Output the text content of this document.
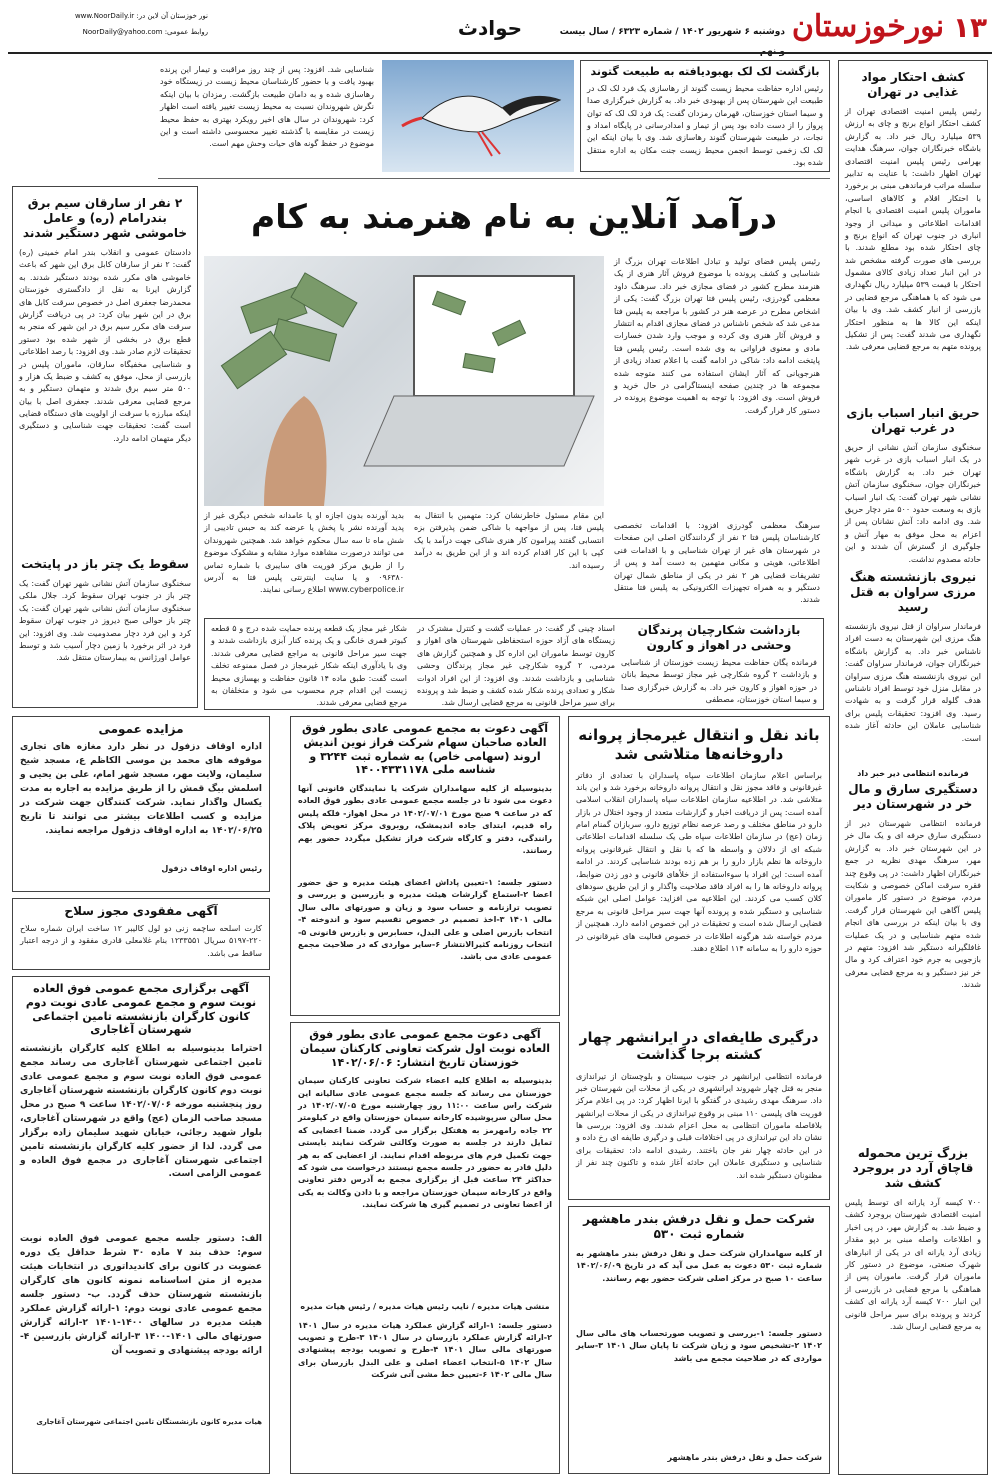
۱۳
نورخوزستان
دوشنبه ۶ شهریور ۱۴۰۲ / شماره ۶۳۲۳ / سال بیست
حوادث
نور خوزستان آن لاین در: www.NoorDaily.ir
روابط عمومی: NoorDaily@yahoo.com
کشف احتکار مواد غذایی در تهران
رئیس پلیس امنیت اقتصادی تهران از کشف احتکار انواع برنج و چای به ارزش ۵۳۹ میلیارد ریال خبر داد. به گزارش باشگاه خبرنگاران جوان، سرهنگ هدایت بهرامی رئیس پلیس امنیت اقتصادی تهران اظهار داشت: با عنایت به تدابیر سلسله مراتب فرماندهی مبنی بر برخورد با احتکار اقلام و کالاهای اساسی، ماموران پلیس امنیت اقتصادی با انجام اقدامات اطلاعاتی و میدانی از وجود انباری در جنوب تهران که انواع برنج و چای احتکار شده بود مطلع شدند. با بررسی های صورت گرفته مشخص شد در این انبار تعداد زیادی کالای مشمول احتکار با قیمت ۵۳۹ میلیارد ریال نگهداری می شود که با هماهنگی مرجع قضایی در بازرسی از انبار کشف شد. وی با بیان اینکه این کالا ها به منظور احتکار نگهداری می شدند گفت: پس از تشکیل پرونده متهم به مرجع قضایی معرفی شد.
حریق انبار اسباب بازی در غرب تهران
سخنگوی سازمان آتش نشانی از حریق در یک انبار اسباب بازی در غرب شهر تهران خبر داد. به گزارش باشگاه خبرنگاران جوان، سخنگوی سازمان آتش نشانی شهر تهران گفت: یک انبار اسباب بازی به وسعت حدود ۵۰۰ متر دچار حریق شد. وی ادامه داد: آتش نشانان پس از اعزام به محل موفق به مهار آتش و جلوگیری از گسترش آن شدند و این حادثه مصدوم نداشت.
نیروی بازنشسته هنگ مرزی سراوان به قتل رسید
فرماندار سراوان از قتل نیروی بازنشسته هنگ مرزی این شهرستان به دست افراد ناشناس خبر داد. به گزارش باشگاه خبرنگاران جوان، فرماندار سراوان گفت: این نیروی بازنشسته هنگ مرزی سراوان در مقابل منزل خود توسط افراد ناشناس هدف گلوله قرار گرفت و به شهادت رسید. وی افزود: تحقیقات پلیس برای شناسایی عاملان این حادثه آغاز شده است.
فرمانده انتظامی دیر خبر داد
دستگیری سارق و مال خر در شهرستان دیر
فرمانده انتظامی شهرستان دیر از دستگیری سارق حرفه ای و یک مال خر در این شهرستان خبر داد. به گزارش مهر، سرهنگ مهدی نظریه در جمع خبرنگاران اظهار داشت: در پی وقوع چند فقره سرقت اماکن خصوصی و شکایت مردم، موضوع در دستور کار ماموران پلیس آگاهی این شهرستان قرار گرفت. وی با بیان اینکه در بررسی های انجام شده متهم شناسایی و در یک عملیات غافلگیرانه دستگیر شد افزود: متهم در بازجویی به جرم خود اعتراف کرد و مال خر نیز دستگیر و به مرجع قضایی معرفی شدند.
بزرگ ترین محموله قاچاق آرد در بروجرد کشف شد
۷۰۰ کیسه آرد یارانه ای توسط پلیس امنیت اقتصادی شهرستان بروجرد کشف و ضبط شد. به گزارش مهر، در پی اخبار و اطلاعات واصله مبنی بر دپو مقدار زیادی آرد یارانه ای در یکی از انبارهای شهرک صنعتی، موضوع در دستور کار ماموران قرار گرفت. ماموران پس از هماهنگی با مرجع قضایی در بازرسی از این انبار ۷۰۰ کیسه آرد یارانه ای کشف کردند و پرونده برای سیر مراحل قانونی به مرجع قضایی ارسال شد.
بازگشت لک لک بهبودیافته به طبیعت گتوند
رئیس اداره حفاظت محیط زیست گتوند از رهاسازی یک فرد لک لک در طبیعت این شهرستان پس از بهبودی خبر داد. به گزارش خبرگزاری صدا و سیما استان خوزستان، قهرمان رمزدان گفت: یک فرد لک لک که توان پرواز را از دست داده بود پس از تیمار و امدادرسانی در پایگاه امداد و نجات، در طبیعت شهرستان گتوند رهاسازی شد. وی با بیان اینکه این لک لک زخمی توسط انجمن محیط زیست جنت مکان به اداره منتقل شده بود.
شناسایی شد. افزود: پس از چند روز مراقبت و تیمار این پرنده بهبود یافت و با حضور کارشناسان محیط زیست در زیستگاه خود رهاسازی شده و به دامان طبیعت بازگشت. رمزدان با بیان اینکه نگرش شهروندان نسبت به محیط زیست تغییر یافته است اظهار کرد: شهروندان در سال های اخیر رویکرد بهتری به حفظ محیط زیست در مقایسه با گذشته تغییر محسوسی داشته است و این موضوع در حفظ گونه های حیات وحش مهم است.
۲ نفر از سارقان سیم برق بندرامام (ره) و عامل خاموشی شهر دستگیر شدند
دادستان عمومی و انقلاب بندر امام خمینی (ره) گفت: ۲ نفر از سارقان کابل برق این شهر که باعث خاموشی های مکرر شده بودند دستگیر شدند. به گزارش ایرنا به نقل از دادگستری خوزستان محمدرضا جعفری اصل در خصوص سرقت کابل های برق در این شهر بیان کرد: در پی دریافت گزارش سرقت های مکرر سیم برق در این شهر که منجر به قطع برق در بخشی از شهر شده بود دستور تحقیقات لازم صادر شد. وی افزود: با رصد اطلاعاتی و شناسایی مخفیگاه سارقان، ماموران پلیس در بازرسی از محل، موفق به کشف و ضبط یک هزار و ۵۰۰ متر سیم برق شدند و متهمان دستگیر و به مرجع قضایی معرفی شدند. جعفری اصل با بیان اینکه مبارزه با سرقت از اولویت های دستگاه قضایی است گفت: تحقیقات جهت شناسایی و دستگیری دیگر متهمان ادامه دارد.
سقوط یک چتر باز در پایتخت
سخنگوی سازمان آتش نشانی شهر تهران گفت: یک چتر باز در جنوب تهران سقوط کرد. جلال ملکی سخنگوی سازمان آتش نشانی شهر تهران گفت: یک چتر باز حوالی صبح دیروز در جنوب تهران سقوط کرد و این فرد دچار مصدومیت شد. وی افزود: این فرد در اثر برخورد با زمین دچار آسیب شد و توسط عوامل اورژانس به بیمارستان منتقل شد.
درآمد آنلاین به نام هنرمند به کام
رئیس پلیس فضای تولید و تبادل اطلاعات تهران بزرگ از شناسایی و کشف پرونده با موضوع فروش آثار هنری از یک هنرمند مطرح کشور در فضای مجازی خبر داد. سرهنگ داود معظمی گودرزی، رئیس پلیس فتا تهران بزرگ گفت: یکی از اشخاص مطرح در عرصه هنر در کشور با مراجعه به پلیس فتا مدعی شد که شخص ناشناس در فضای مجازی اقدام به انتشار و فروش آثار هنری وی کرده و موجب وارد شدن خسارات مادی و معنوی فراوانی به وی شده است. رئیس پلیس فتا پایتخت ادامه داد: شاکی در ادامه گفت با اعلام تعداد زیادی از هنرجویانی که آثار ایشان استفاده می کنند متوجه شده مجموعه ها در چندین صفحه اینستاگرامی در حال خرید و فروش است. وی افزود: با توجه به اهمیت موضوع پرونده در دستور کار قرار گرفت.
سرهنگ معظمی گودرزی افزود: با اقدامات تخصصی کارشناسان پلیس فتا ۲ نفر از گردانندگان اصلی این صفحات در شهرستان های غیر از تهران شناسایی و با اقدامات فنی اطلاعاتی، هویتی و مکانی متهمین به دست آمد و پس از تشریفات قضایی هر ۲ نفر در یکی از مناطق شمال تهران دستگیر و به همراه تجهیزات الکترونیکی به پلیس فتا منتقل شدند.
این مقام مسئول خاطرنشان کرد: متهمین با انتقال به پلیس فتا، پس از مواجهه با شاکی ضمن پذیرفتن بزه انتسابی گفتند پیرامون کار هنری شاکی جهت درآمد با یک کپی با این کار اقدام کرده اند و از این طریق به درآمد رسیده اند.
بدید آورنده بدون اجازه او یا عامدانه شخص دیگری غیر از پدید آورنده نشر یا پخش یا عرضه کند به حبس تادیبی از شش ماه تا سه سال محکوم خواهد شد. همچنین شهروندان می توانند درصورت مشاهده موارد مشابه و مشکوک موضوع را از طریق مرکز فوریت های سایبری با شماره تماس ۰۹۶۳۸۰ و یا سایت اینترنتی پلیس فتا به آدرس www.cyberpolice.ir اطلاع رسانی نمایند.
بازداشت شکارچیان پرندگان وحشی در اهواز و کارون
فرمانده یگان حفاظت محیط زیست خوزستان از شناسایی و بازداشت ۲ گروه شکارچی غیر مجاز توسط محیط بانان در حوزه اهواز و کارون خبر داد. به گزارش خبرگزاری صدا و سیما استان خوزستان، مصطفی
اسناد چینی گر گفت: در عملیات گشت و کنترل مشترک در زیستگاه های آزاد حوزه استحفاظی شهرستان های اهواز و کارون توسط ماموران این اداره کل و همچنین گزارش های مردمی، ۲ گروه شکارچی غیر مجاز پرندگان وحشی شناسایی و بازداشت شدند. وی افزود: از این افراد ادوات شکار و تعدادی پرنده شکار شده کشف و ضبط شد و پرونده برای سیر مراحل قانونی به مرجع قضایی ارسال شد.
شکار غیر مجاز یک قطعه پرنده حمایت شده درج و ۵ قطعه کبوتر قمری خانگی و یک پرنده کنار آبزی بازداشت شدند و جهت سیر مراحل قانونی به مراجع قضایی معرفی شدند. وی با یادآوری اینکه شکار غیرمجاز در فصل ممنوعه تخلف است گفت: طبق ماده ۱۴ قانون حفاظت و بهسازی محیط زیست این اقدام جرم محسوب می شود و متخلفان به مرجع قضایی معرفی شدند.
باند نقل و انتقال غیرمجاز پروانه داروخانه‌ها متلاشی شد
براساس اعلام سازمان اطلاعات سپاه پاسداران با تعدادی از دفاتر غیرقانونی و فاقد مجوز نقل و انتقال پروانه داروخانه برخورد شد و این باند متلاشی شد. در اطلاعیه سازمان اطلاعات سپاه پاسداران انقلاب اسلامی آمده است: پس از دریافت اخبار و گزارشات متعدد از وجود اختلال در بازار دارو در مناطق مختلف و رصد عرصه نظام توزیع دارو، سربازان گمنام امام زمان (عج) در سازمان اطلاعات سپاه طی یک سلسله اقدامات اطلاعاتی شبکه ای از دلالان و واسطه ها که با نقل و انتقال غیرقانونی پروانه داروخانه ها نظم بازار دارو را بر هم زده بودند شناسایی کردند. در ادامه آمده است: این افراد با سوءاستفاده از خلأهای قانونی و دور زدن ضوابط، پروانه داروخانه ها را به افراد فاقد صلاحیت واگذار و از این طریق سودهای کلان کسب می کردند. این اطلاعیه می افزاید: عوامل اصلی این شبکه شناسایی و دستگیر شده و پرونده آنها جهت سیر مراحل قانونی به مرجع قضایی ارسال شده است و تحقیقات در این خصوص ادامه دارد. همچنین از مردم خواسته شد هرگونه اطلاعات در خصوص فعالیت های غیرقانونی در حوزه دارو را به سامانه ۱۱۴ اطلاع دهند.
درگیری طایفه‌ای در ایرانشهر چهار کشته برجا گذاشت
فرمانده انتظامی ایرانشهر در جنوب سیستان و بلوچستان از تیراندازی منجر به قتل چهار شهروند ایرانشهری در یکی از محلات این شهرستان خبر داد. سرهنگ مهدی رشیدی در گفتگو با ایرنا اظهار کرد: در پی اعلام مرکز فوریت های پلیسی ۱۱۰ مبنی بر وقوع تیراندازی در یکی از محلات ایرانشهر بلافاصله ماموران انتظامی به محل اعزام شدند. وی افزود: بررسی ها نشان داد این تیراندازی در پی اختلافات قبلی و درگیری طایفه ای رخ داده و در این حادثه چهار نفر جان باختند. رشیدی ادامه داد: تحقیقات برای شناسایی و دستگیری عاملان این حادثه آغاز شده و تاکنون چند نفر از مظنونان دستگیر شده اند.
شرکت حمل و نقل درفش بندر ماهشهر شماره ثبت ۵۳۰
از کلیه سهامداران شرکت حمل و نقل درفش بندر ماهشهر به شماره ثبت ۵۳۰ دعوت به عمل می آید که در تاریخ ۱۴۰۲/۰۶/۰۹ ساعت ۱۰ صبح در مرکز اصلی شرکت حضور بهم رسانند.
دستور جلسه: ۱-بررسی و تصویب صورتحساب های مالی سال ۱۴۰۲ ۲-تشخیص سود و زیان شرکت تا پایان سال ۱۴۰۱ ۳-سایر مواردی که در صلاحیت مجمع می باشد
شرکت حمل و نقل درفش بندر ماهشهر
آگهی دعوت به مجمع عمومی عادی بطور فوق العاده صاحبان سهام شرکت فراز نوین اندیش اروند (سهامی خاص) به شماره ثبت ۳۲۴۴ و شناسه ملی ۱۴۰۰۴۳۳۱۱۷۸
بدینوسیله از کلیه سهامداران شرکت یا نمایندگان قانونی آنها دعوت می شود تا در جلسه مجمع عمومی عادی بطور فوق العاده که در ساعت ۹ صبح مورخ ۱۴۰۲/۰۷/۰۱ در محل اهواز- فلکه پلیس راه قدیم، ابتدای جاده اندیمشک، روبروی مرکز تعویض پلاک رانندگی، دفتر و کارگاه شرکت فراز تشکیل میگردد حضور بهم رسانند.
دستور جلسه: ۱-تعیین پاداش اعضای هیئت مدیره و حق حضور اعضا ۲-استماع گزارشات هیئت مدیره و بازرسین و بررسی و تصویب ترازنامه و حساب سود و زیان و صورتهای مالی سال مالی ۱۴۰۱ ۳-اخذ تصمیم در خصوص تقسیم سود و اندوخته ۴-انتخاب بازرس اصلی و علی البدل، حسابرس و بازرس قانونی ۵-انتخاب روزنامه کثیرالانتشار ۶-سایر مواردی که در صلاحیت مجمع عمومی عادی می باشد.
آگهی دعوت مجمع عمومی عادی بطور فوق العاده نوبت اول شرکت تعاونی کارکنان سیمان خوزستان تاریخ انتشار: ۱۴۰۲/۰۶/۰۶
بدینوسیله به اطلاع کلیه اعضاء شرکت تعاونی کارکنان سیمان خوزستان می رساند که جلسه مجمع عمومی عادی سالیانه این شرکت راس ساعت ۱۱:۰۰ روز چهارشنبه مورخ ۱۴۰۲/۰۷/۰۵ در محل سالن سرپوشیده کارخانه سیمان خوزستان واقع در کیلومتر ۲۲ جاده رامهرمز به هفتکل برگزار می گردد. ضمنا اعضایی که تمایل دارند در جلسه به صورت وکالتی شرکت نمایند بایستی جهت تکمیل فرم های مربوطه اقدام نمایند. از اعضایی که به هر دلیل قادر به حضور در جلسه مجمع نیستند درخواست می شود که حداکثر ۲۴ ساعت قبل از برگزاری مجمع به آدرس دفتر تعاونی واقع در کارخانه سیمان خوزستان مراجعه و با دادن وکالت به یکی از اعضا تعاونی در تصمیم گیری ها شرکت نمایند.
منشی هیات مدیره / نایب رئیس هیات مدیره / رئیس هیات مدیره
دستور جلسه: ۱-ارائه گزارش عملکرد هیات مدیره در سال ۱۴۰۱ ۲-ارائه گزارش عملکرد بازرسان در سال ۱۴۰۱ ۳-طرح و تصویب صورتهای مالی سال ۱۴۰۱ ۴-طرح و تصویب بودجه پیشنهادی سال ۱۴۰۲ ۵-انتخاب اعضاء اصلی و علی البدل بازرسان برای سال مالی ۱۴۰۲ ۶-تعیین خط مشی آتی شرکت
مزایده عمومی
اداره اوقاف دزفول در نظر دارد مغازه های تجاری موقوفه های محمد بن موسی الکاظم ع، مسجد شیخ سلیمان، ولایت مهر، مسجد شهر امام، علی بن یحیی و اسلمش بیگ قمش را از طریق مزایده به اجاره به مدت یکسال واگذار نماید. شرکت کنندگان جهت شرکت در مزایده و کسب اطلاعات بیشتر می توانند تا تاریخ ۱۴۰۲/۰۶/۲۵ به اداره اوقاف دزفول مراجعه نمایند.
رئیس اداره اوقاف دزفول
آگهی مفقودی مجوز سلاح
کارت اسلحه ساچمه زنی دو لول کالیبر ۱۲ ساخت ایران شماره سلاح ۲۲۰-۵۱۹۷ سریال ۱۲۳۳۵۵۱ بنام غلامعلی قادری مفقود و از درجه اعتبار ساقط می باشد.
آگهی برگزاری مجمع عمومی فوق العاده نوبت سوم و مجمع عمومی عادی نوبت دوم کانون کارگران بازنشسته تامین اجتماعی شهرستان آغاجاری
احتراما بدینوسیله به اطلاع کلیه کارگران بازنشسته تامین اجتماعی شهرستان آغاجاری می رساند مجمع عمومی فوق العاده نوبت سوم و مجمع عمومی عادی نوبت دوم کانون کارگران بازنشسته شهرستان آغاجاری روز پنجشنبه مورخه ۱۴۰۲/۰۷/۰۶ ساعت ۹ صبح در محل مسجد صاحب الزمان (عج) واقع در شهرستان آغاجاری، بلوار شهید رجائی، خیابان شهید سلیمان زاده برگزار می گردد. لذا از حضور کلیه کارگران بازنشسته تامین اجتماعی شهرستان آغاجاری در مجمع فوق العاده و عمومی الزامی است.
الف: دستور جلسه مجمع عمومی فوق العاده نوبت سوم: حذف بند ۷ ماده ۳۰ شرط حداقل یک دوره عضویت در کانون برای کاندیداتوری در انتخابات هیئت مدیره از متن اساسنامه نمونه کانون های کارگران بازنشسته شهرستان حذف گردد. ب- دستور جلسه مجمع عمومی عادی نوبت دوم: ۱-ارائه گزارش عملکرد هیئت مدیره در سالهای ۱۴۰۰-۱۴۰۱ ۲-ارائه گزارش صورتهای مالی ۱۴۰۱-۱۴۰۰ ۳-ارائه گزارش بازرسین ۴-ارائه بودجه پیشنهادی و تصویب آن
هیات مدیره کانون بازنشستگان تامین اجتماعی شهرستان آغاجاری
